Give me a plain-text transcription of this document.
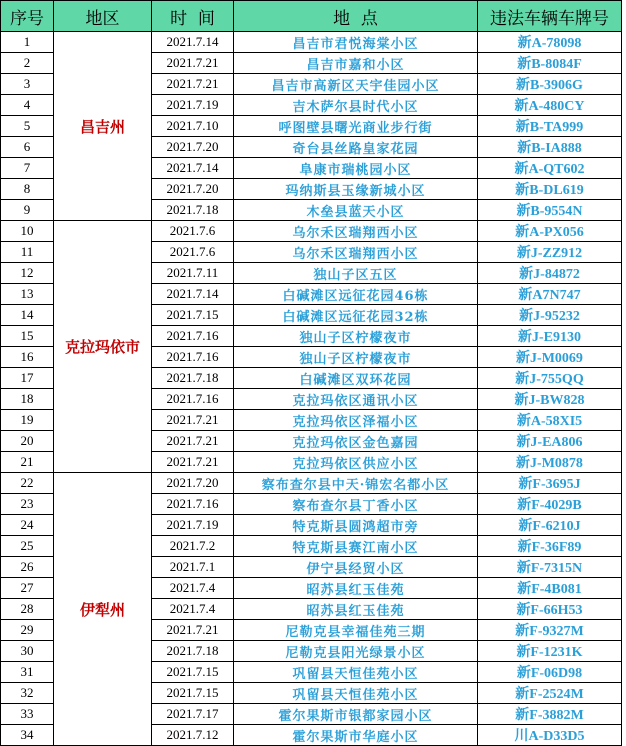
序号	地区	时  间	地  点	违法车辆车牌号
1	昌吉州	2021.7.14	昌吉市君悦海棠小区	新A-78098
2		2021.7.21	昌吉市嘉和小区	新B-8084F
3		2021.7.21	昌吉市高新区天宇佳园小区	新B-3906G
4		2021.7.19	吉木萨尔县时代小区	新A-480CY
5		2021.7.10	呼图壁县曙光商业步行街	新B-TA999
6		2021.7.20	奇台县丝路皇家花园	新B-IA888
7		2021.7.14	阜康市瑞桃园小区	新A-QT602
8		2021.7.20	玛纳斯县玉缘新城小区	新B-DL619
9		2021.7.18	木垒县蓝天小区	新B-9554N
10	克拉玛依市	2021.7.6	乌尔禾区瑞翔西小区	新A-PX056
11		2021.7.6	乌尔禾区瑞翔西小区	新J-ZZ912
12		2021.7.11	独山子区五区	新J-84872
13		2021.7.14	白碱滩区远征花园46栋	新A7N747
14		2021.7.15	白碱滩区远征花园32栋	新J-95232
15		2021.7.16	独山子区柠檬夜市	新J-E9130
16		2021.7.16	独山子区柠檬夜市	新J-M0069
17		2021.7.18	白碱滩区双环花园	新J-755QQ
18		2021.7.16	克拉玛依区通讯小区	新J-BW828
19		2021.7.21	克拉玛依区泽福小区	新A-58XI5
20		2021.7.21	克拉玛依区金色嘉园	新J-EA806
21		2021.7.21	克拉玛依区供应小区	新J-M0878
22	伊犁州	2021.7.20	察布查尔县中天·锦宏名都小区	新F-3695J
23		2021.7.16	察布查尔县丁香小区	新F-4029B
24		2021.7.19	特克斯县圆鸿超市旁	新F-6210J
25		2021.7.2	特克斯县赛江南小区	新F-36F89
26		2021.7.1	伊宁县经贸小区	新F-7315N
27		2021.7.4	昭苏县红玉佳苑	新F-4B081
28		2021.7.4	昭苏县红玉佳苑	新F-66H53
29		2021.7.21	尼勒克县幸福佳苑三期	新F-9327M
30		2021.7.18	尼勒克县阳光绿景小区	新F-1231K
31		2021.7.15	巩留县天恒佳苑小区	新F-06D98
32		2021.7.15	巩留县天恒佳苑小区	新F-2524M
33		2021.7.17	霍尔果斯市银都家园小区	新F-3882M
34		2021.7.12	霍尔果斯市华庭小区	川A-D33D5
